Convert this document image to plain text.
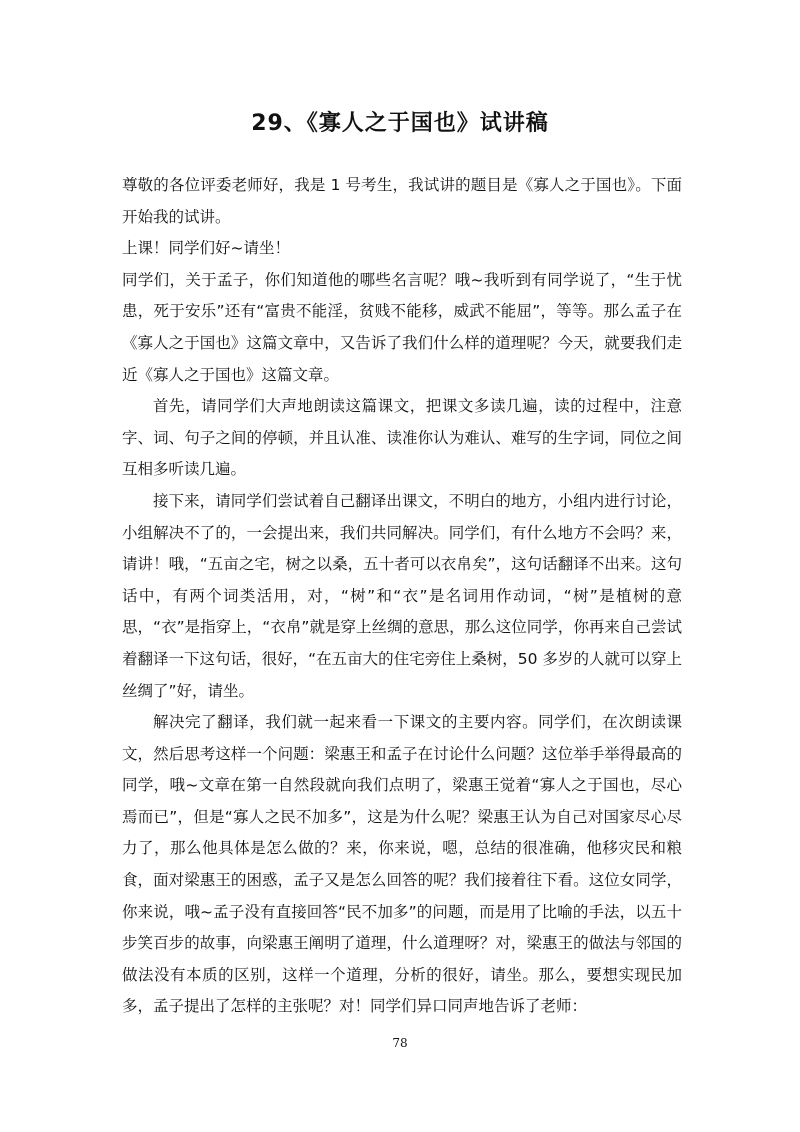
29、《寡人之于国也》试讲稿

尊敬的各位评委老师好，我是 1 号考生，我试讲的题目是《寡人之于国也》。下面开始我的试讲。

上课！同学们好~请坐！

同学们，关于孟子，你们知道他的哪些名言呢？哦~我听到有同学说了，“生于忧患，死于安乐”还有“富贵不能淫，贫贱不能移，威武不能屈”，等等。那么孟子在《寡人之于国也》这篇文章中，又告诉了我们什么样的道理呢？今天，就要我们走近《寡人之于国也》这篇文章。

首先，请同学们大声地朗读这篇课文，把课文多读几遍，读的过程中，注意字、词、句子之间的停顿，并且认准、读准你认为难认、难写的生字词，同位之间互相多听读几遍。

接下来，请同学们尝试着自己翻译出课文，不明白的地方，小组内进行讨论，小组解决不了的，一会提出来，我们共同解决。同学们，有什么地方不会吗？来，请讲！哦，“五亩之宅，树之以桑，五十者可以衣帛矣”，这句话翻译不出来。这句话中，有两个词类活用，对，“树”和“衣”是名词用作动词，“树”是植树的意思，“衣”是指穿上，“衣帛”就是穿上丝绸的意思，那么这位同学，你再来自己尝试着翻译一下这句话，很好，“在五亩大的住宅旁住上桑树，50 多岁的人就可以穿上丝绸了”好，请坐。

解决完了翻译，我们就一起来看一下课文的主要内容。同学们，在次朗读课文，然后思考这样一个问题：梁惠王和孟子在讨论什么问题？这位举手举得最高的同学，哦~文章在第一自然段就向我们点明了，梁惠王觉着“寡人之于国也，尽心焉而已”，但是“寡人之民不加多”，这是为什么呢？梁惠王认为自己对国家尽心尽力了，那么他具体是怎么做的？来，你来说，嗯，总结的很准确，他移灾民和粮食，面对梁惠王的困惑，孟子又是怎么回答的呢？我们接着往下看。这位女同学，你来说，哦~孟子没有直接回答“民不加多”的问题，而是用了比喻的手法，以五十步笑百步的故事，向梁惠王阐明了道理，什么道理呀？对，梁惠王的做法与邻国的做法没有本质的区别，这样一个道理，分析的很好，请坐。那么，要想实现民加多，孟子提出了怎样的主张呢？对！同学们异口同声地告诉了老师：

78
